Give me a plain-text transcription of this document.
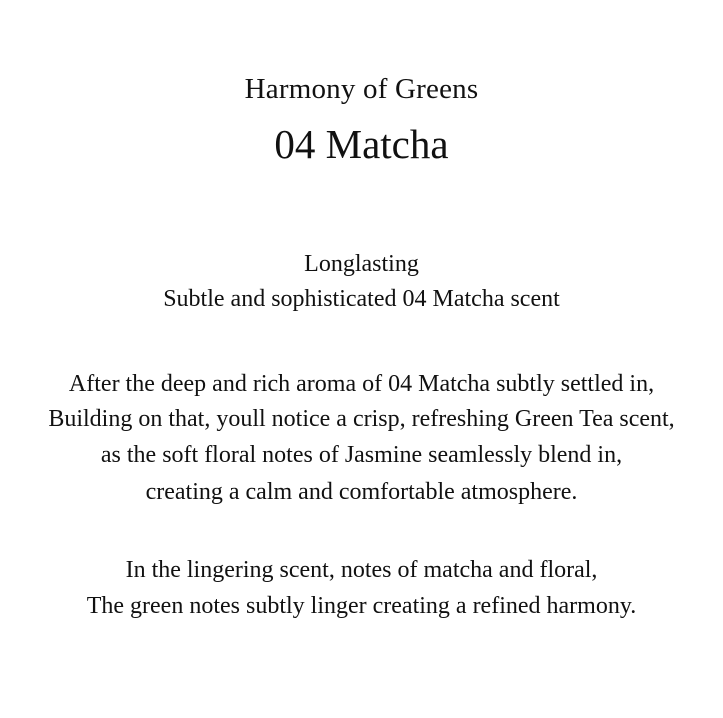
Harmony of Greens
04 Matcha
Longlasting
Subtle and sophisticated 04 Matcha scent
After the deep and rich aroma of 04 Matcha subtly settled in,
Building on that, youll notice a crisp, refreshing Green Tea scent,
as the soft floral notes of Jasmine seamlessly blend in,
creating a calm and comfortable atmosphere.
In the lingering scent, notes of matcha and floral,
The green notes subtly linger creating a refined harmony.
